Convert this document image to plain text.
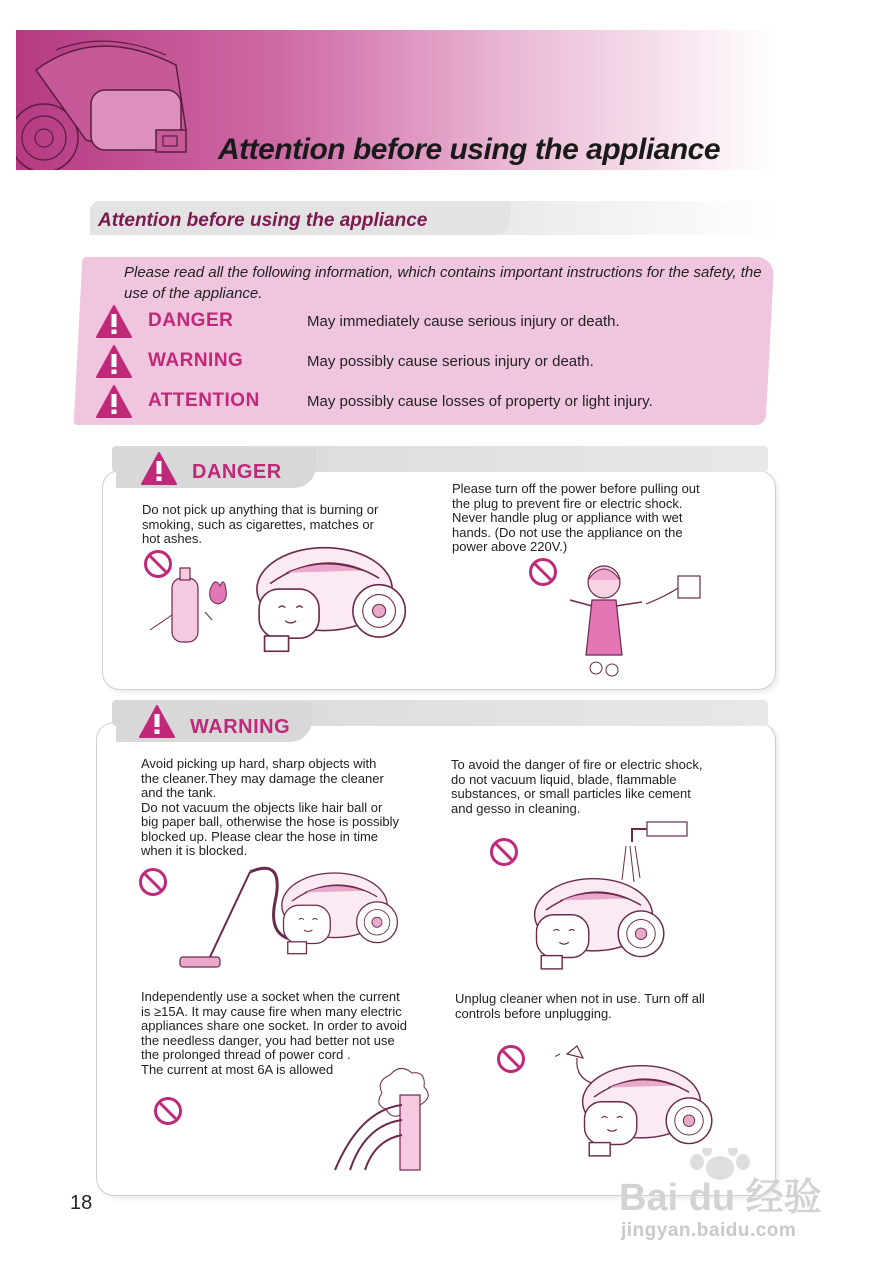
Attention before using the appliance
Attention before using the appliance
Please read all the following information, which contains important instructions for the safety, the use of the appliance.
DANGER	May immediately cause serious injury or death.
WARNING	May possibly cause serious injury or death.
ATTENTION	May possibly cause losses of property or light injury.
DANGER
Do not pick up anything that is burning or
smoking, such as cigarettes, matches or
hot ashes.
Please turn off the power before pulling out
the plug to prevent fire or electric shock.
Never handle plug or appliance with wet
hands. (Do not use the appliance on the
power above 220V.)
WARNING
Avoid picking up hard, sharp objects with
the cleaner.They may damage the cleaner
and the tank.
Do not vacuum the objects like hair ball or
big paper ball, otherwise the hose is possibly
blocked up. Please clear the hose in time
when it is blocked.
To avoid the danger of fire or electric shock,
do not vacuum liquid, blade, flammable
substances, or small particles like cement
and gesso in cleaning.
Independently use a socket when the current
is ≥15A. It may cause fire when many electric
appliances share one socket. In order to avoid
the needless danger, you had better not use
the prolonged thread of power cord .
The current at most 6A is allowed
Unplug cleaner when not in use. Turn off all
controls before unplugging.
18	Bai du 经验
jingyan.baidu.com
